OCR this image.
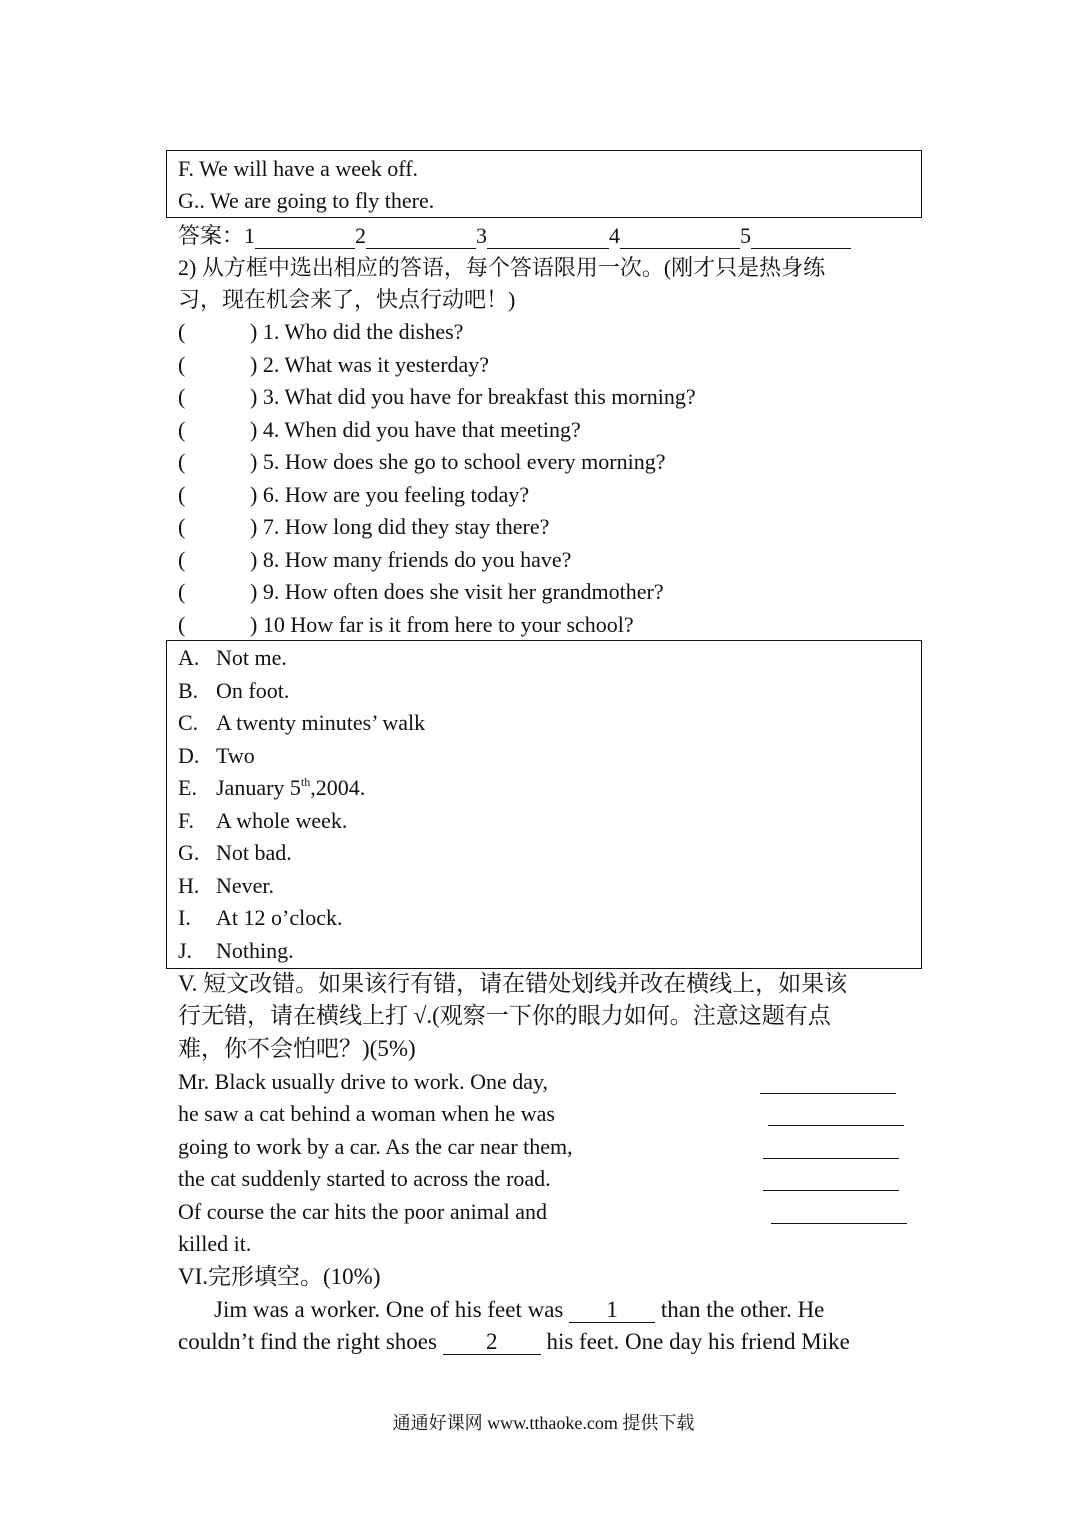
F. We will have a week off.
G.. We are going to fly there.
答案：1	2	3	4	5
2) 从方框中选出相应的答语，每个答语限用一次。(刚才只是热身练
习，现在机会来了，快点行动吧！)
(	) 1. Who did the dishes?
(	) 2. What was it yesterday?
(	) 3. What did you have for breakfast this morning?
(	) 4. When did you have that meeting?
(	) 5. How does she go to school every morning?
(	) 6. How are you feeling today?
(	) 7. How long did they stay there?
(	) 8. How many friends do you have?
(	) 9. How often does she visit her grandmother?
(	) 10 How far is it from here to your school?
A. Not me.
B. On foot.
C. A twenty minutes’ walk
D. Two
E. January 5th,2004.
F. A whole week.
G. Not bad.
H. Never.
I. At 12 o’clock.
J. Nothing.
V. 短文改错。如果该行有错，请在错处划线并改在横线上，如果该
行无错，请在横线上打 √.(观察一下你的眼力如何。注意这题有点
难，你不会怕吧？)(5%)
Mr. Black usually drive to work. One day,
he saw a cat behind a woman when he was
going to work by a car. As the car near them,
the cat suddenly started to across the road.
Of course the car hits the poor animal and
killed it.
VI.完形填空。(10%)
Jim was a worker. One of his feet was 1 than the other. He
couldn’t find the right shoes 2 his feet. One day his friend Mike
通通好课网 www.tthaoke.com 提供下载
